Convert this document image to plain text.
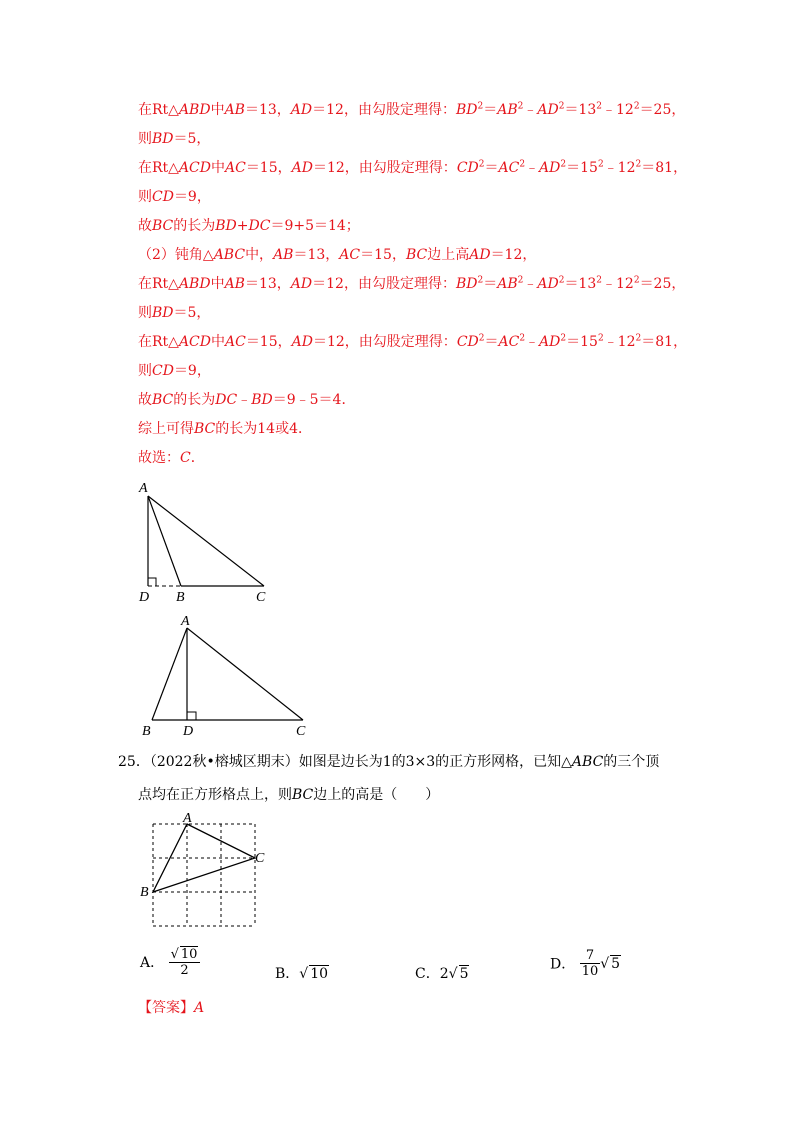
在Rt△ABD中AB＝13，AD＝12，由勾股定理得：$BD^2=AB^2﹣AD^2=13^2﹣12^2=25$，
则BD＝5，
在Rt△ACD中AC＝15，AD＝12，由勾股定理得：$CD^2=AC^2﹣AD^2=15^2﹣12^2=81$，
则CD＝9，
故BC的长为BD+DC＝9+5＝14；
（2）钝角△ABC中，AB＝13，AC＝15，BC边上高AD＝12，
在Rt△ABD中AB＝13，AD＝12，由勾股定理得：$BD^2=AB^2﹣AD^2=13^2﹣12^2=25$，
则BD＝5，
在Rt△ACD中AC＝15，AD＝12，由勾股定理得：$CD^2=AC^2﹣AD^2=15^2﹣12^2=81$，
则CD＝9，
故BC的长为DC﹣BD＝9﹣5＝4．
综上可得BC的长为14或4．
故选：C．
A
D B	C
A
B D	C
25．（2022秋•榕城区期末）如图是边长为1的3×3的正方形网格，已知△ABC的三个顶
点均在正方形格点上，则BC边上的高是（　　）
A
C
B
A． $\frac{√ 10}{2}$	B．√ 10	C．2√ 5
D． $\frac{7}{10}$ √ 5
【答案】A
